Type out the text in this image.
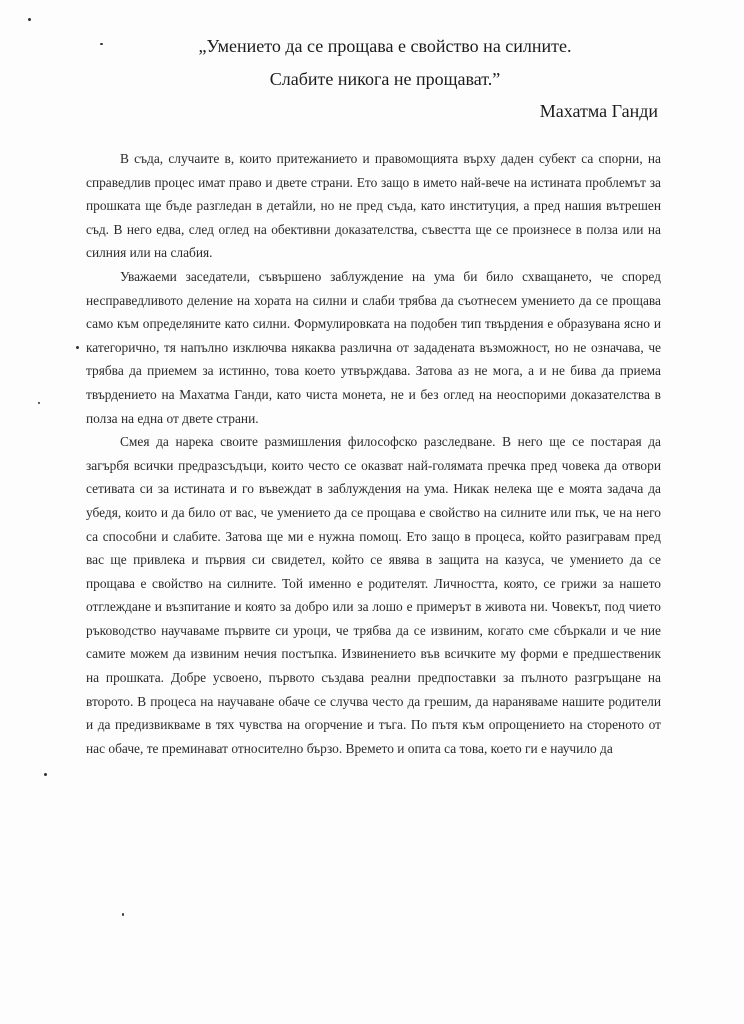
„Умението да се прощава е свойство на силните.
Слабите никога не прощават.”
Махатма Ганди

В съда, случаите в, които притежанието и правомощията върху даден субект са спорни, на справедлив процес имат право и двете страни. Ето защо в името най-вече на истината проблемът за прошката ще бъде разгледан в детайли, но не пред съда, като институция, а пред нашия вътрешен съд. В него едва, след оглед на обективни доказателства, съвестта ще се произнесе в полза или на силния или на слабия.

Уважаеми заседатели, съвършено заблуждение на ума би било схващането, че според несправедливото деление на хората на силни и слаби трябва да съотнесем умението да се прощава само към определяните като силни. Формулировката на подобен тип твърдения е образувана ясно и категорично, тя напълно изключва някаква различна от зададената възможност, но не означава, че трябва да приемем за истинно, това което утвърждава. Затова аз не мога, а и не бива да приема твърдението на Махатма Ганди, като чиста монета, не и без оглед на неоспорими доказателства в полза на една от двете страни.

Смея да нарека своите размишления философско разследване. В него ще се постарая да загърбя всички предразсъдъци, които често се оказват най-голямата пречка пред човека да отвори сетивата си за истината и го въвеждат в заблуждения на ума. Никак нелека ще е моята задача да убедя, които и да било от вас, че умението да се прощава е свойство на силните или пък, че на него са способни и слабите. Затова ще ми е нужна помощ. Ето защо в процеса, който разигравам пред вас ще привлека и първия си свидетел, който се явява в защита на казуса, че умението да се прощава е свойство на силните. Той именно е родителят. Личността, която, се грижи за нашето отглеждане и възпитание и която за добро или за лошо е примерът в живота ни. Човекът, под чието ръководство научаваме първите си уроци, че трябва да се извиним, когато сме сбъркали и че ние самите можем да извиним нечия постъпка. Извинението във всичките му форми е предшественик на прошката. Добре усвоено, първото създава реални предпоставки за пълното разгръщане на второто. В процеса на научаване обаче се случва често да грешим, да нараняваме нашите родители и да предизвикваме в тях чувства на огорчение и тъга. По пътя към опрощението на стореното от нас обаче, те преминават относително бързо. Времето и опита са това, което ги е научило да
